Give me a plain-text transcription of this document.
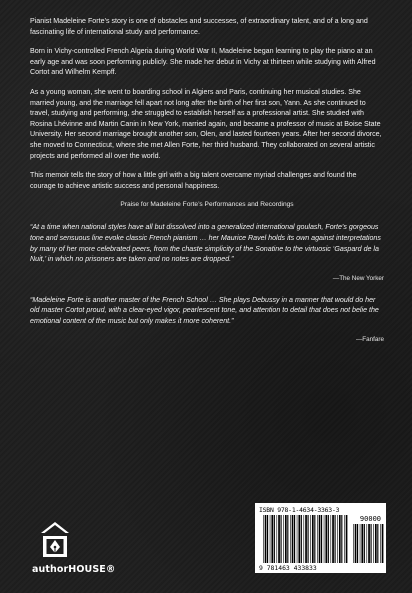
Pianist Madeleine Forte’s story is one of obstacles and successes, of extraordinary talent, and of a long and fascinating life of international study and performance.

Born in Vichy-controlled French Algeria during World War II, Madeleine began learning to play the piano at an early age and was soon performing publicly. She made her debut in Vichy at thirteen while studying with Alfred Cortot and Wilhelm Kempff.

As a young woman, she went to boarding school in Algiers and Paris, continuing her musical studies. She married young, and the marriage fell apart not long after the birth of her first son, Yann. As she continued to travel, studying and performing, she struggled to establish herself as a professional artist. She studied with Rosina Lhévinne and Martin Canin in New York, married again, and became a professor of music at Boise State University. Her second marriage brought another son, Olen, and lasted fourteen years. After her second divorce, she moved to Connecticut, where she met Allen Forte, her third husband. They collaborated on several artistic projects and performed all over the world.

This memoir tells the story of how a little girl with a big talent overcame myriad challenges and found the courage to achieve artistic success and personal happiness.

Praise for Madeleine Forte’s Performances and Recordings

“At a time when national styles have all but dissolved into a generalized international goulash, Forte’s gorgeous tone and sensuous line evoke classic French pianism … her Maurice Ravel holds its own against interpretations by many of her more celebrated peers, from the chaste simplicity of the Sonatine to the virtuosic ‘Gaspard de la Nuit,’ in which no prisoners are taken and no notes are dropped.”

—The New Yorker

“Madeleine Forte is another master of the French School … She plays Debussy in a manner that would do her old master Cortot proud, with a clear-eyed vigor, pearlescent tone, and attention to detail that does not belie the emotional content of the music but only makes it more coherent.”

—Fanfare
authorHOUSE®
ISBN 978-1-4634-3363-3
90000
9 781463 433833
